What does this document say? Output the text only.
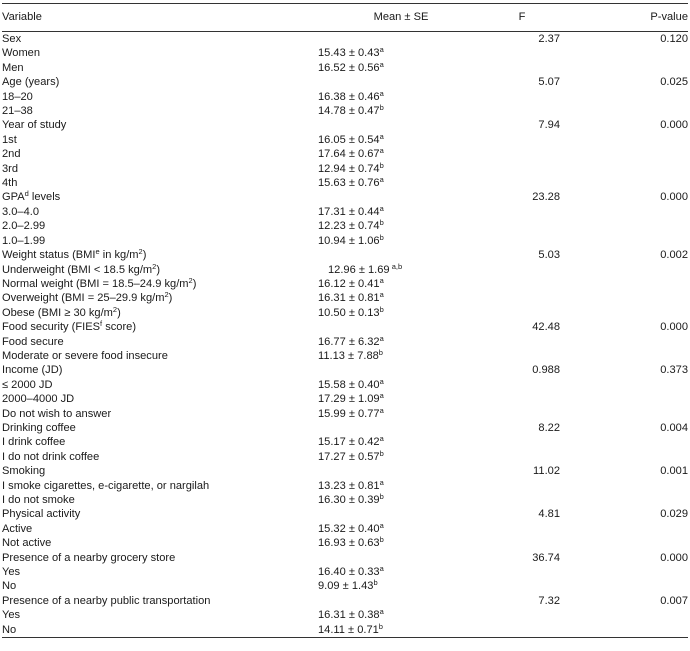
Variable	Mean ± SE	F	P-value
Sex		2.37	0.120
Women	15.43 ± 0.43$^a$		
Men	16.52 ± 0.56$^a$		
Age (years)		5.07	0.025
18–20	16.38 ± 0.46$^a$		
21–38	14.78 ± 0.47$^b$		
Year of study		7.94	0.000
1st	16.05 ± 0.54$^a$		
2nd	17.64 ± 0.67$^a$		
3rd	12.94 ± 0.74$^b$		
4th	15.63 ± 0.76$^a$		
GPA$^d$ levels		23.28	0.000
3.0–4.0	17.31 ± 0.44$^a$		
2.0–2.99	12.23 ± 0.74$^b$		
1.0–1.99	10.94 ± 1.06$^b$		
Weight status (BMI$^e$ in $kg/m^2$)		5.03	0.002
Underweight (BMI < 18.5 $kg/m^2$)	12.96 ± 1.69 $^{a,b}$		
Normal weight (BMI = 18.5–24.9 $kg/m^2$)	16.12 ± 0.41$^a$		
Overweight (BMI = 25–29.9 $kg/m^2$)	16.31 ± 0.81$^a$		
Obese (BMI ≥ 30 $kg/m^2$)	10.50 ± 0.13$^b$		
Food security (FIES$^f$ score)		42.48	0.000
Food secure	16.77 ± 6.32$^a$		
Moderate or severe food insecure	11.13 ± 7.88$^b$		
Income (JD)		0.988	0.373
≤ 2000 JD	15.58 ± 0.40$^a$		
2000–4000 JD	17.29 ± 1.09$^a$		
Do not wish to answer	15.99 ± 0.77$^a$		
Drinking coffee		8.22	0.004
I drink coffee	15.17 ± 0.42$^a$		
I do not drink coffee	17.27 ± 0.57$^b$		
Smoking		11.02	0.001
I smoke cigarettes, e-cigarette, or nargilah	13.23 ± 0.81$^a$		
I do not smoke	16.30 ± 0.39$^b$		
Physical activity		4.81	0.029
Active	15.32 ± 0.40$^a$		
Not active	16.93 ± 0.63$^b$		
Presence of a nearby grocery store		36.74	0.000
Yes	16.40 ± 0.33$^a$		
No	9.09 ± 1.43$^b$		
Presence of a nearby public transportation		7.32	0.007
Yes	16.31 ± 0.38$^a$		
No	14.11 ± 0.71$^b$		
